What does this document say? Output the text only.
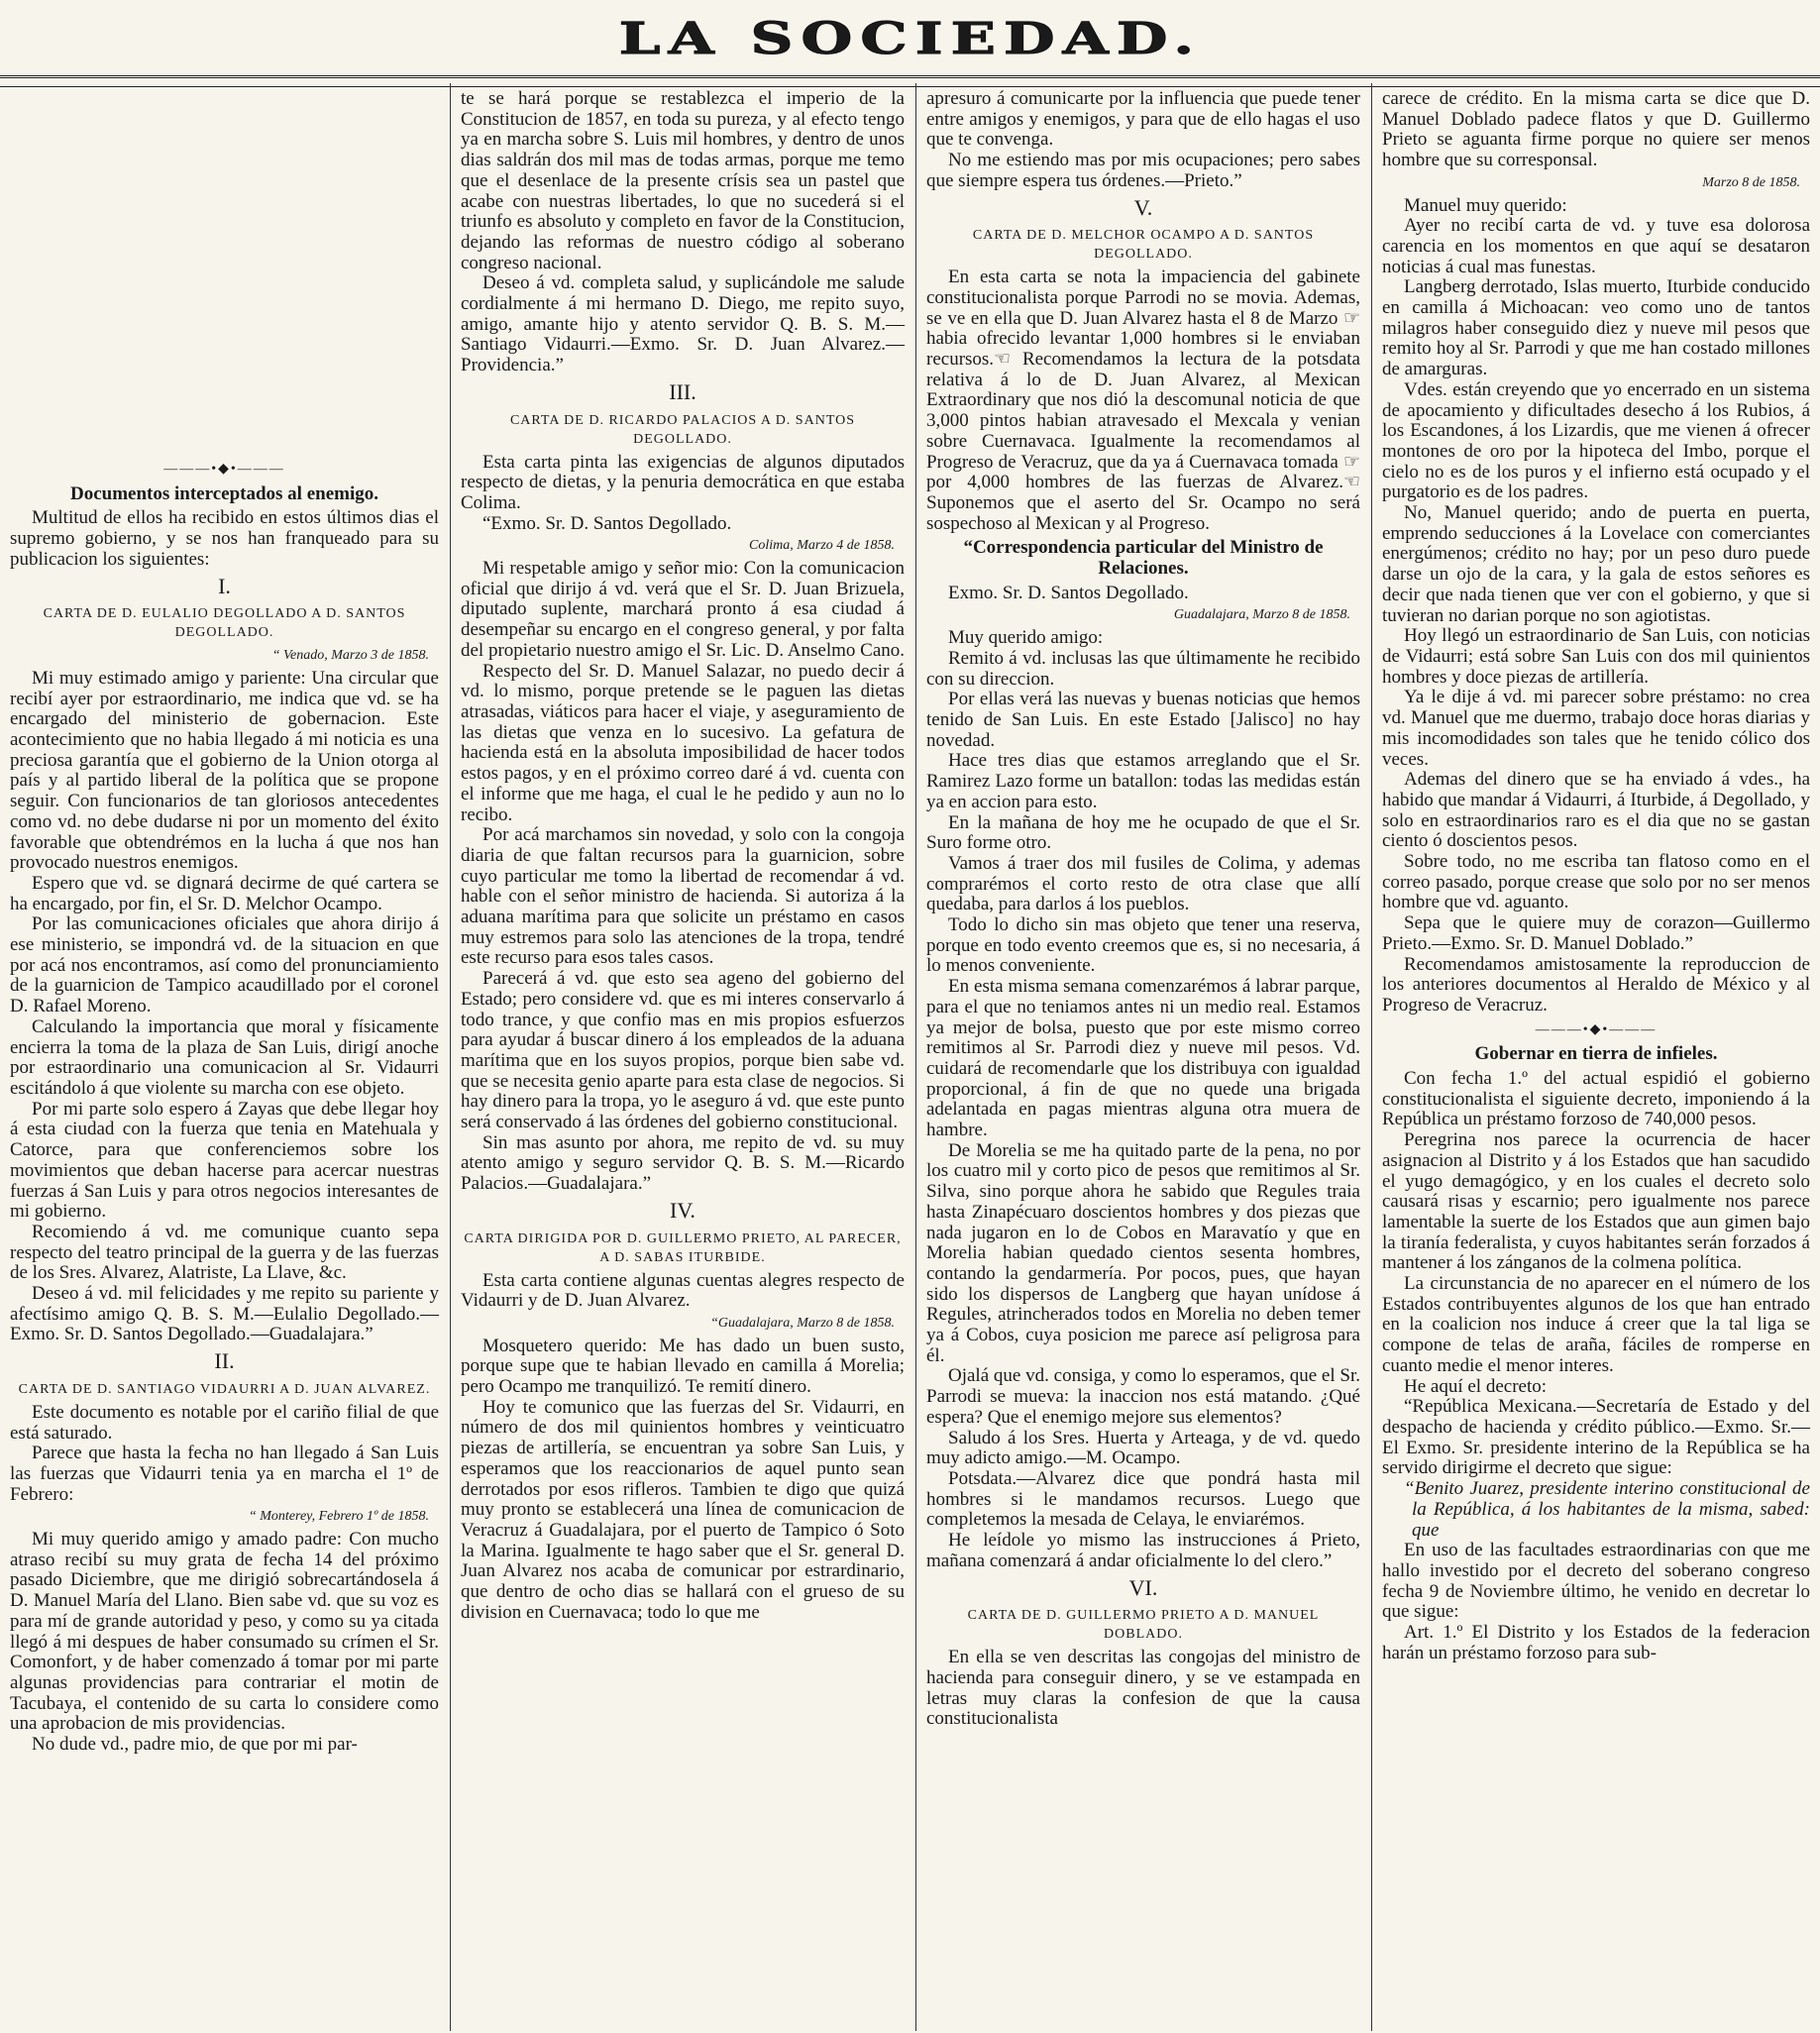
LA SOCIEDAD.

———•◆•———

Documentos interceptados al enemigo.

Multitud de ellos ha recibido en estos últimos dias el supremo gobierno, y se nos han franqueado para su publicacion los siguientes:

I.

CARTA DE D. EULALIO DEGOLLADO A D. SANTOS DEGOLLADO.

“ Venado, Marzo 3 de 1858.

Mi muy estimado amigo y pariente: Una circular que recibí ayer por estraordinario, me indica que vd. se ha encargado del ministerio de gobernacion. Este acontecimiento que no habia llegado á mi noticia es una preciosa garantía que el gobierno de la Union otorga al país y al partido liberal de la política que se propone seguir. Con funcionarios de tan gloriosos antecedentes como vd. no debe dudarse ni por un momento del éxito favorable que obtendrémos en la lucha á que nos han provocado nuestros enemigos.

Espero que vd. se dignará decirme de qué cartera se ha encargado, por fin, el Sr. D. Melchor Ocampo.

Por las comunicaciones oficiales que ahora dirijo á ese ministerio, se impondrá vd. de la situacion en que por acá nos encontramos, así como del pronunciamiento de la guarnicion de Tampico acaudillado por el coronel D. Rafael Moreno.

Calculando la importancia que moral y físicamente encierra la toma de la plaza de San Luis, dirigí anoche por estraordinario una comunicacion al Sr. Vidaurri escitándolo á que violente su marcha con ese objeto.

Por mi parte solo espero á Zayas que debe llegar hoy á esta ciudad con la fuerza que tenia en Matehuala y Catorce, para que conferenciemos sobre los movimientos que deban hacerse para acercar nuestras fuerzas á San Luis y para otros negocios interesantes de mi gobierno.

Recomiendo á vd. me comunique cuanto sepa respecto del teatro principal de la guerra y de las fuerzas de los Sres. Alvarez, Alatriste, La Llave, &c.

Deseo á vd. mil felicidades y me repito su pariente y afectísimo amigo Q. B. S. M.—Eulalio Degollado.—Exmo. Sr. D. Santos Degollado.—Guadalajara.”

II.

CARTA DE D. SANTIAGO VIDAURRI A D. JUAN ALVAREZ.

Este documento es notable por el cariño filial de que está saturado.

Parece que hasta la fecha no han llegado á San Luis las fuerzas que Vidaurri tenia ya en marcha el 1º de Febrero:

“ Monterey, Febrero 1º de 1858.

Mi muy querido amigo y amado padre: Con mucho atraso recibí su muy grata de fecha 14 del próximo pasado Diciembre, que me dirigió sobrecartándosela á D. Manuel María del Llano. Bien sabe vd. que su voz es para mí de grande autoridad y peso, y como su ya citada llegó á mi despues de haber consumado su crímen el Sr. Comonfort, y de haber comenzado á tomar por mi parte algunas providencias para contrariar el motin de Tacubaya, el contenido de su carta lo considere como una aprobacion de mis providencias.

No dude vd., padre mio, de que por mi par-

te se hará porque se restablezca el imperio de la Constitucion de 1857, en toda su pureza, y al efecto tengo ya en marcha sobre S. Luis mil hombres, y dentro de unos dias saldrán dos mil mas de todas armas, porque me temo que el desenlace de la presente crísis sea un pastel que acabe con nuestras libertades, lo que no sucederá si el triunfo es absoluto y completo en favor de la Constitucion, dejando las reformas de nuestro código al soberano congreso nacional.

Deseo á vd. completa salud, y suplicándole me salude cordialmente á mi hermano D. Diego, me repito suyo, amigo, amante hijo y atento servidor Q. B. S. M.—Santiago Vidaurri.—Exmo. Sr. D. Juan Alvarez.—Providencia.”

III.

CARTA DE D. RICARDO PALACIOS A D. SANTOS DEGOLLADO.

Esta carta pinta las exigencias de algunos diputados respecto de dietas, y la penuria democrática en que estaba Colima.

“Exmo. Sr. D. Santos Degollado.

Colima, Marzo 4 de 1858.

Mi respetable amigo y señor mio: Con la comunicacion oficial que dirijo á vd. verá que el Sr. D. Juan Brizuela, diputado suplente, marchará pronto á esa ciudad á desempeñar su encargo en el congreso general, y por falta del propietario nuestro amigo el Sr. Lic. D. Anselmo Cano.

Respecto del Sr. D. Manuel Salazar, no puedo decir á vd. lo mismo, porque pretende se le paguen las dietas atrasadas, viáticos para hacer el viaje, y aseguramiento de las dietas que venza en lo sucesivo. La gefatura de hacienda está en la absoluta imposibilidad de hacer todos estos pagos, y en el próximo correo daré á vd. cuenta con el informe que me haga, el cual le he pedido y aun no lo recibo.

Por acá marchamos sin novedad, y solo con la congoja diaria de que faltan recursos para la guarnicion, sobre cuyo particular me tomo la libertad de recomendar á vd. hable con el señor ministro de hacienda. Si autoriza á la aduana marítima para que solicite un préstamo en casos muy estremos para solo las atenciones de la tropa, tendré este recurso para esos tales casos.

Parecerá á vd. que esto sea ageno del gobierno del Estado; pero considere vd. que es mi interes conservarlo á todo trance, y que confio mas en mis propios esfuerzos para ayudar á buscar dinero á los empleados de la aduana marítima que en los suyos propios, porque bien sabe vd. que se necesita genio aparte para esta clase de negocios. Si hay dinero para la tropa, yo le aseguro á vd. que este punto será conservado á las órdenes del gobierno constitucional.

Sin mas asunto por ahora, me repito de vd. su muy atento amigo y seguro servidor Q. B. S. M.—Ricardo Palacios.—Guadalajara.”

IV.

CARTA DIRIGIDA POR D. GUILLERMO PRIETO, AL PARECER, A D. SABAS ITURBIDE.

Esta carta contiene algunas cuentas alegres respecto de Vidaurri y de D. Juan Alvarez.

“Guadalajara, Marzo 8 de 1858.

Mosquetero querido: Me has dado un buen susto, porque supe que te habian llevado en camilla á Morelia; pero Ocampo me tranquilizó. Te remití dinero.

Hoy te comunico que las fuerzas del Sr. Vidaurri, en número de dos mil quinientos hombres y veinticuatro piezas de artillería, se encuentran ya sobre San Luis, y esperamos que los reaccionarios de aquel punto sean derrotados por esos rifleros. Tambien te digo que quizá muy pronto se establecerá una línea de comunicacion de Veracruz á Guadalajara, por el puerto de Tampico ó Soto la Marina. Igualmente te hago saber que el Sr. general D. Juan Alvarez nos acaba de comunicar por estrardinario, que dentro de ocho dias se hallará con el grueso de su division en Cuernavaca; todo lo que me

apresuro á comunicarte por la influencia que puede tener entre amigos y enemigos, y para que de ello hagas el uso que te convenga.

No me estiendo mas por mis ocupaciones; pero sabes que siempre espera tus órdenes.—Prieto.”

V.

CARTA DE D. MELCHOR OCAMPO A D. SANTOS DEGOLLADO.

En esta carta se nota la impaciencia del gabinete constitucionalista porque Parrodi no se movia. Ademas, se ve en ella que D. Juan Alvarez hasta el 8 de Marzo ☞habia ofrecido levantar 1,000 hombres si le enviaban recursos.☜ Recomendamos la lectura de la potsdata relativa á lo de D. Juan Alvarez, al Mexican Extraordinary que nos dió la descomunal noticia de que 3,000 pintos habian atravesado el Mexcala y venian sobre Cuernavaca. Igualmente la recomendamos al Progreso de Veracruz, que da ya á Cuernavaca tomada ☞por 4,000 hombres de las fuerzas de Alvarez.☜ Suponemos que el aserto del Sr. Ocampo no será sospechoso al Mexican y al Progreso.

“Correspondencia particular del Ministro de Relaciones.

Exmo. Sr. D. Santos Degollado.

Guadalajara, Marzo 8 de 1858.

Muy querido amigo:

Remito á vd. inclusas las que últimamente he recibido con su direccion.

Por ellas verá las nuevas y buenas noticias que hemos tenido de San Luis. En este Estado [Jalisco] no hay novedad.

Hace tres dias que estamos arreglando que el Sr. Ramirez Lazo forme un batallon: todas las medidas están ya en accion para esto.

En la mañana de hoy me he ocupado de que el Sr. Suro forme otro.

Vamos á traer dos mil fusiles de Colima, y ademas comprarémos el corto resto de otra clase que allí quedaba, para darlos á los pueblos.

Todo lo dicho sin mas objeto que tener una reserva, porque en todo evento creemos que es, si no necesaria, á lo menos conveniente.

En esta misma semana comenzarémos á labrar parque, para el que no teniamos antes ni un medio real. Estamos ya mejor de bolsa, puesto que por este mismo correo remitimos al Sr. Parrodi diez y nueve mil pesos. Vd. cuidará de recomendarle que los distribuya con igualdad proporcional, á fin de que no quede una brigada adelantada en pagas mientras alguna otra muera de hambre.

De Morelia se me ha quitado parte de la pena, no por los cuatro mil y corto pico de pesos que remitimos al Sr. Silva, sino porque ahora he sabido que Regules traia hasta Zinapécuaro doscientos hombres y dos piezas que nada jugaron en lo de Cobos en Maravatío y que en Morelia habian quedado cientos sesenta hombres, contando la gendarmería. Por pocos, pues, que hayan sido los dispersos de Langberg que hayan unídose á Regules, atrincherados todos en Morelia no deben temer ya á Cobos, cuya posicion me parece así peligrosa para él.

Ojalá que vd. consiga, y como lo esperamos, que el Sr. Parrodi se mueva: la inaccion nos está matando. ¿Qué espera? Que el enemigo mejore sus elementos?

Saludo á los Sres. Huerta y Arteaga, y de vd. quedo muy adicto amigo.—M. Ocampo.

Potsdata.—Alvarez dice que pondrá hasta mil hombres si le mandamos recursos. Luego que completemos la mesada de Celaya, le enviarémos.

He leídole yo mismo las instrucciones á Prieto, mañana comenzará á andar oficialmente lo del clero.”

VI.

CARTA DE D. GUILLERMO PRIETO A D. MANUEL DOBLADO.

En ella se ven descritas las congojas del ministro de hacienda para conseguir dinero, y se ve estampada en letras muy claras la confesion de que la causa constitucionalista

carece de crédito. En la misma carta se dice que D. Manuel Doblado padece flatos y que D. Guillermo Prieto se aguanta firme porque no quiere ser menos hombre que su corresponsal.

Marzo 8 de 1858.

Manuel muy querido:

Ayer no recibí carta de vd. y tuve esa dolorosa carencia en los momentos en que aquí se desataron noticias á cual mas funestas.

Langberg derrotado, Islas muerto, Iturbide conducido en camilla á Michoacan: veo como uno de tantos milagros haber conseguido diez y nueve mil pesos que remito hoy al Sr. Parrodi y que me han costado millones de amarguras.

Vdes. están creyendo que yo encerrado en un sistema de apocamiento y dificultades desecho á los Rubios, á los Escandones, á los Lizardis, que me vienen á ofrecer montones de oro por la hipoteca del Imbo, porque el cielo no es de los puros y el infierno está ocupado y el purgatorio es de los padres.

No, Manuel querido; ando de puerta en puerta, emprendo seducciones á la Lovelace con comerciantes energúmenos; crédito no hay; por un peso duro puede darse un ojo de la cara, y la gala de estos señores es decir que nada tienen que ver con el gobierno, y que si tuvieran no darian porque no son agiotistas.

Hoy llegó un estraordinario de San Luis, con noticias de Vidaurri; está sobre San Luis con dos mil quinientos hombres y doce piezas de artillería.

Ya le dije á vd. mi parecer sobre préstamo: no crea vd. Manuel que me duermo, trabajo doce horas diarias y mis incomodidades son tales que he tenido cólico dos veces.

Ademas del dinero que se ha enviado á vdes., ha habido que mandar á Vidaurri, á Iturbide, á Degollado, y solo en estraordinarios raro es el dia que no se gastan ciento ó doscientos pesos.

Sobre todo, no me escriba tan flatoso como en el correo pasado, porque crease que solo por no ser menos hombre que vd. aguanto.

Sepa que le quiere muy de corazon—Guillermo Prieto.—Exmo. Sr. D. Manuel Doblado.”

Recomendamos amistosamente la reproduccion de los anteriores documentos al Heraldo de México y al Progreso de Veracruz.

———•◆•———

Gobernar en tierra de infieles.

Con fecha 1.º del actual espidió el gobierno constitucionalista el siguiente decreto, imponiendo á la República un préstamo forzoso de 740,000 pesos.

Peregrina nos parece la ocurrencia de hacer asignacion al Distrito y á los Estados que han sacudido el yugo demagógico, y en los cuales el decreto solo causará risas y escarnio; pero igualmente nos parece lamentable la suerte de los Estados que aun gimen bajo la tiranía federalista, y cuyos habitantes serán forzados á mantener á los zánganos de la colmena política.

La circunstancia de no aparecer en el número de los Estados contribuyentes algunos de los que han entrado en la coalicion nos induce á creer que la tal liga se compone de telas de araña, fáciles de romperse en cuanto medie el menor interes.

He aquí el decreto:

“República Mexicana.—Secretaría de Estado y del despacho de hacienda y crédito público.—Exmo. Sr.—El Exmo. Sr. presidente interino de la República se ha servido dirigirme el decreto que sigue:

“Benito Juarez, presidente interino constitucional de la República, á los habitantes de la misma, sabed: que

En uso de las facultades estraordinarias con que me hallo investido por el decreto del soberano congreso fecha 9 de Noviembre último, he venido en decretar lo que sigue:

Art. 1.º El Distrito y los Estados de la federacion harán un préstamo forzoso para sub-
